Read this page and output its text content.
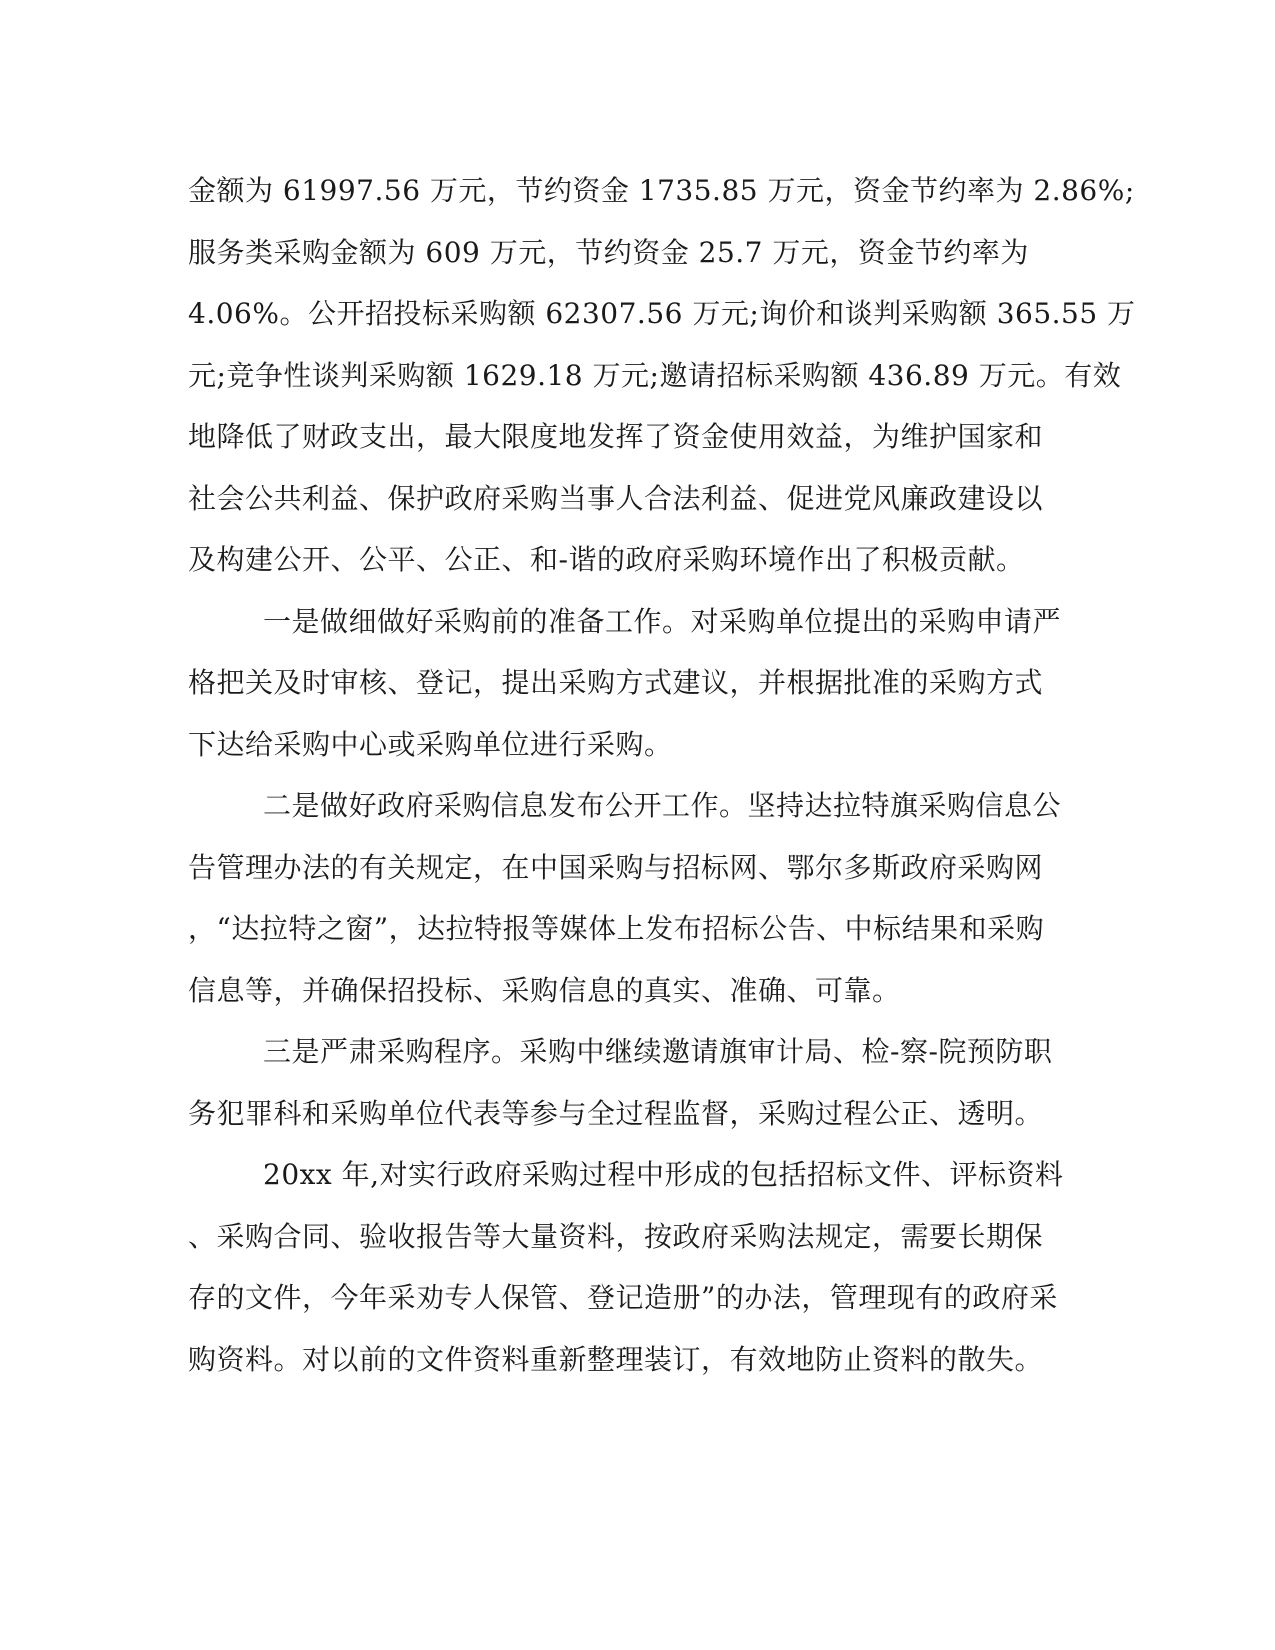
金额为 61997.56 万元，节约资金 1735.85 万元，资金节约率为 2.86%;
服务类采购金额为 609 万元，节约资金 25.7 万元，资金节约率为
4.06%。公开招投标采购额 62307.56 万元;询价和谈判采购额 365.55 万
元;竞争性谈判采购额 1629.18 万元;邀请招标采购额 436.89 万元。有效
地降低了财政支出，最大限度地发挥了资金使用效益，为维护国家和
社会公共利益、保护政府采购当事人合法利益、促进党风廉政建设以
及构建公开、公平、公正、和-谐的政府采购环境作出了积极贡献。
一是做细做好采购前的准备工作。对采购单位提出的采购申请严
格把关及时审核、登记，提出采购方式建议，并根据批准的采购方式
下达给采购中心或采购单位进行采购。
二是做好政府采购信息发布公开工作。坚持达拉特旗采购信息公
告管理办法的有关规定，在中国采购与招标网、鄂尔多斯政府采购网
，“达拉特之窗”，达拉特报等媒体上发布招标公告、中标结果和采购
信息等，并确保招投标、采购信息的真实、准确、可靠。
三是严肃采购程序。采购中继续邀请旗审计局、检-察-院预防职
务犯罪科和采购单位代表等参与全过程监督，采购过程公正、透明。
20xx 年,对实行政府采购过程中形成的包括招标文件、评标资料
、采购合同、验收报告等大量资料，按政府采购法规定，需要长期保
存的文件，今年采劝专人保管、登记造册”的办法，管理现有的政府采
购资料。对以前的文件资料重新整理装订，有效地防止资料的散失。
